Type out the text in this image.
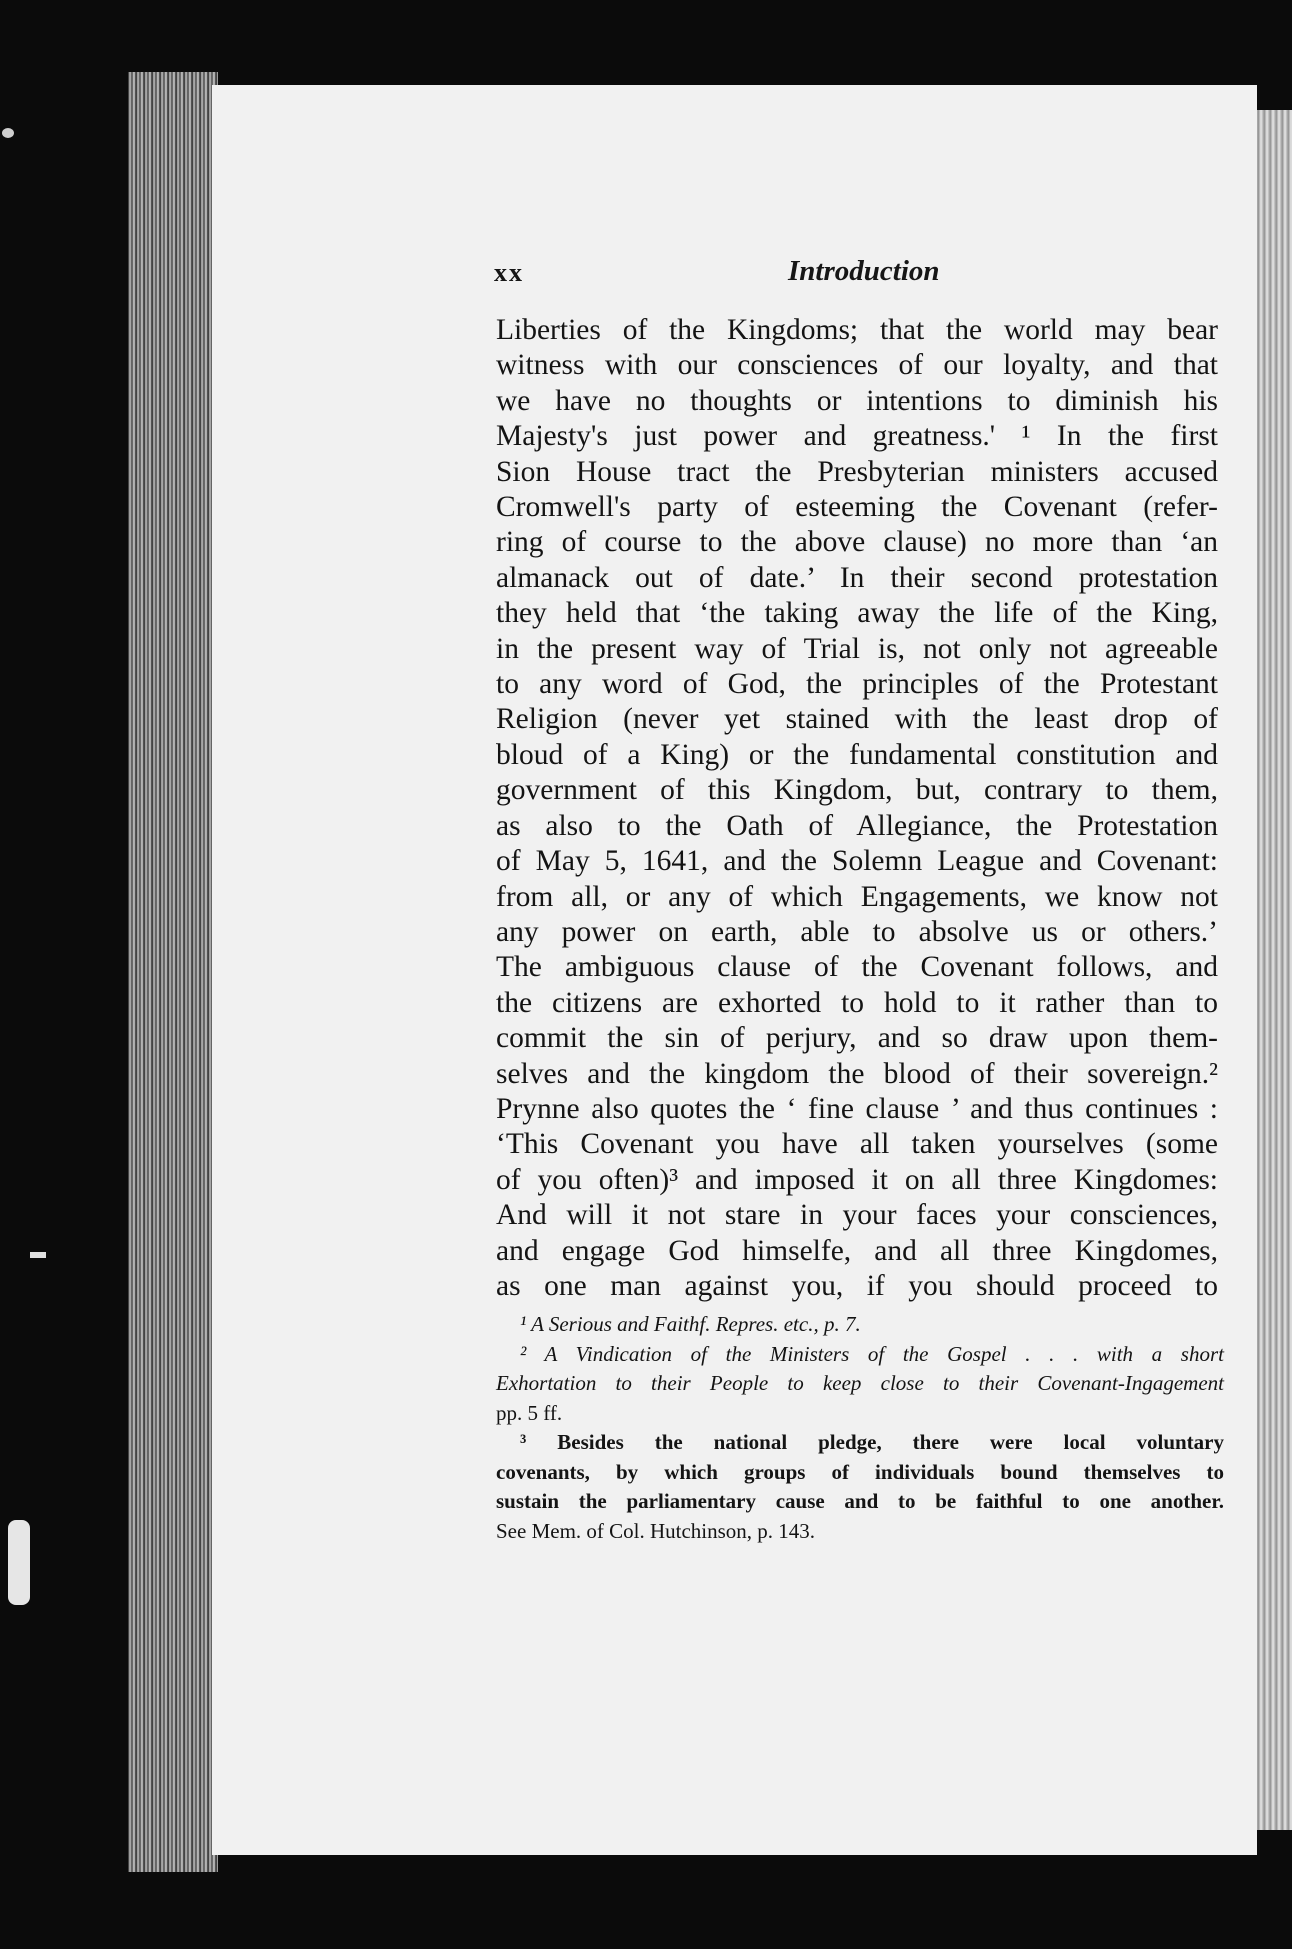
xx	Introduction
Liberties of the Kingdoms; that the world may bear
witness with our consciences of our loyalty, and that
we have no thoughts or intentions to diminish his
Majesty's just power and greatness.' ¹ In the first
Sion House tract the Presbyterian ministers accused
Cromwell's party of esteeming the Covenant (refer-
ring of course to the above clause) no more than ‘an
almanack out of date.’ In their second protestation
they held that ‘the taking away the life of the King,
in the present way of Trial is, not only not agreeable
to any word of God, the principles of the Protestant
Religion (never yet stained with the least drop of
bloud of a King) or the fundamental constitution and
government of this Kingdom, but, contrary to them,
as also to the Oath of Allegiance, the Protestation
of May 5, 1641, and the Solemn League and Covenant:
from all, or any of which Engagements, we know not
any power on earth, able to absolve us or others.’
The ambiguous clause of the Covenant follows, and
the citizens are exhorted to hold to it rather than to
commit the sin of perjury, and so draw upon them-
selves and the kingdom the blood of their sovereign.²
Prynne also quotes the ‘ fine clause ’ and thus continues :
‘This Covenant you have all taken yourselves (some
of you often)³ and imposed it on all three Kingdomes:
And will it not stare in your faces your consciences,
and engage God himselfe, and all three Kingdomes,
as one man against you, if you should proceed to
¹ A Serious and Faithf. Repres. etc., p. 7.
² A Vindication of the Ministers of the Gospel . . . with a short
Exhortation to their People to keep close to their Covenant-Ingagement
pp. 5 ff.
³ Besides the national pledge, there were local voluntary
covenants, by which groups of individuals bound themselves to
sustain the parliamentary cause and to be faithful to one another.
See Mem. of Col. Hutchinson, p. 143.
